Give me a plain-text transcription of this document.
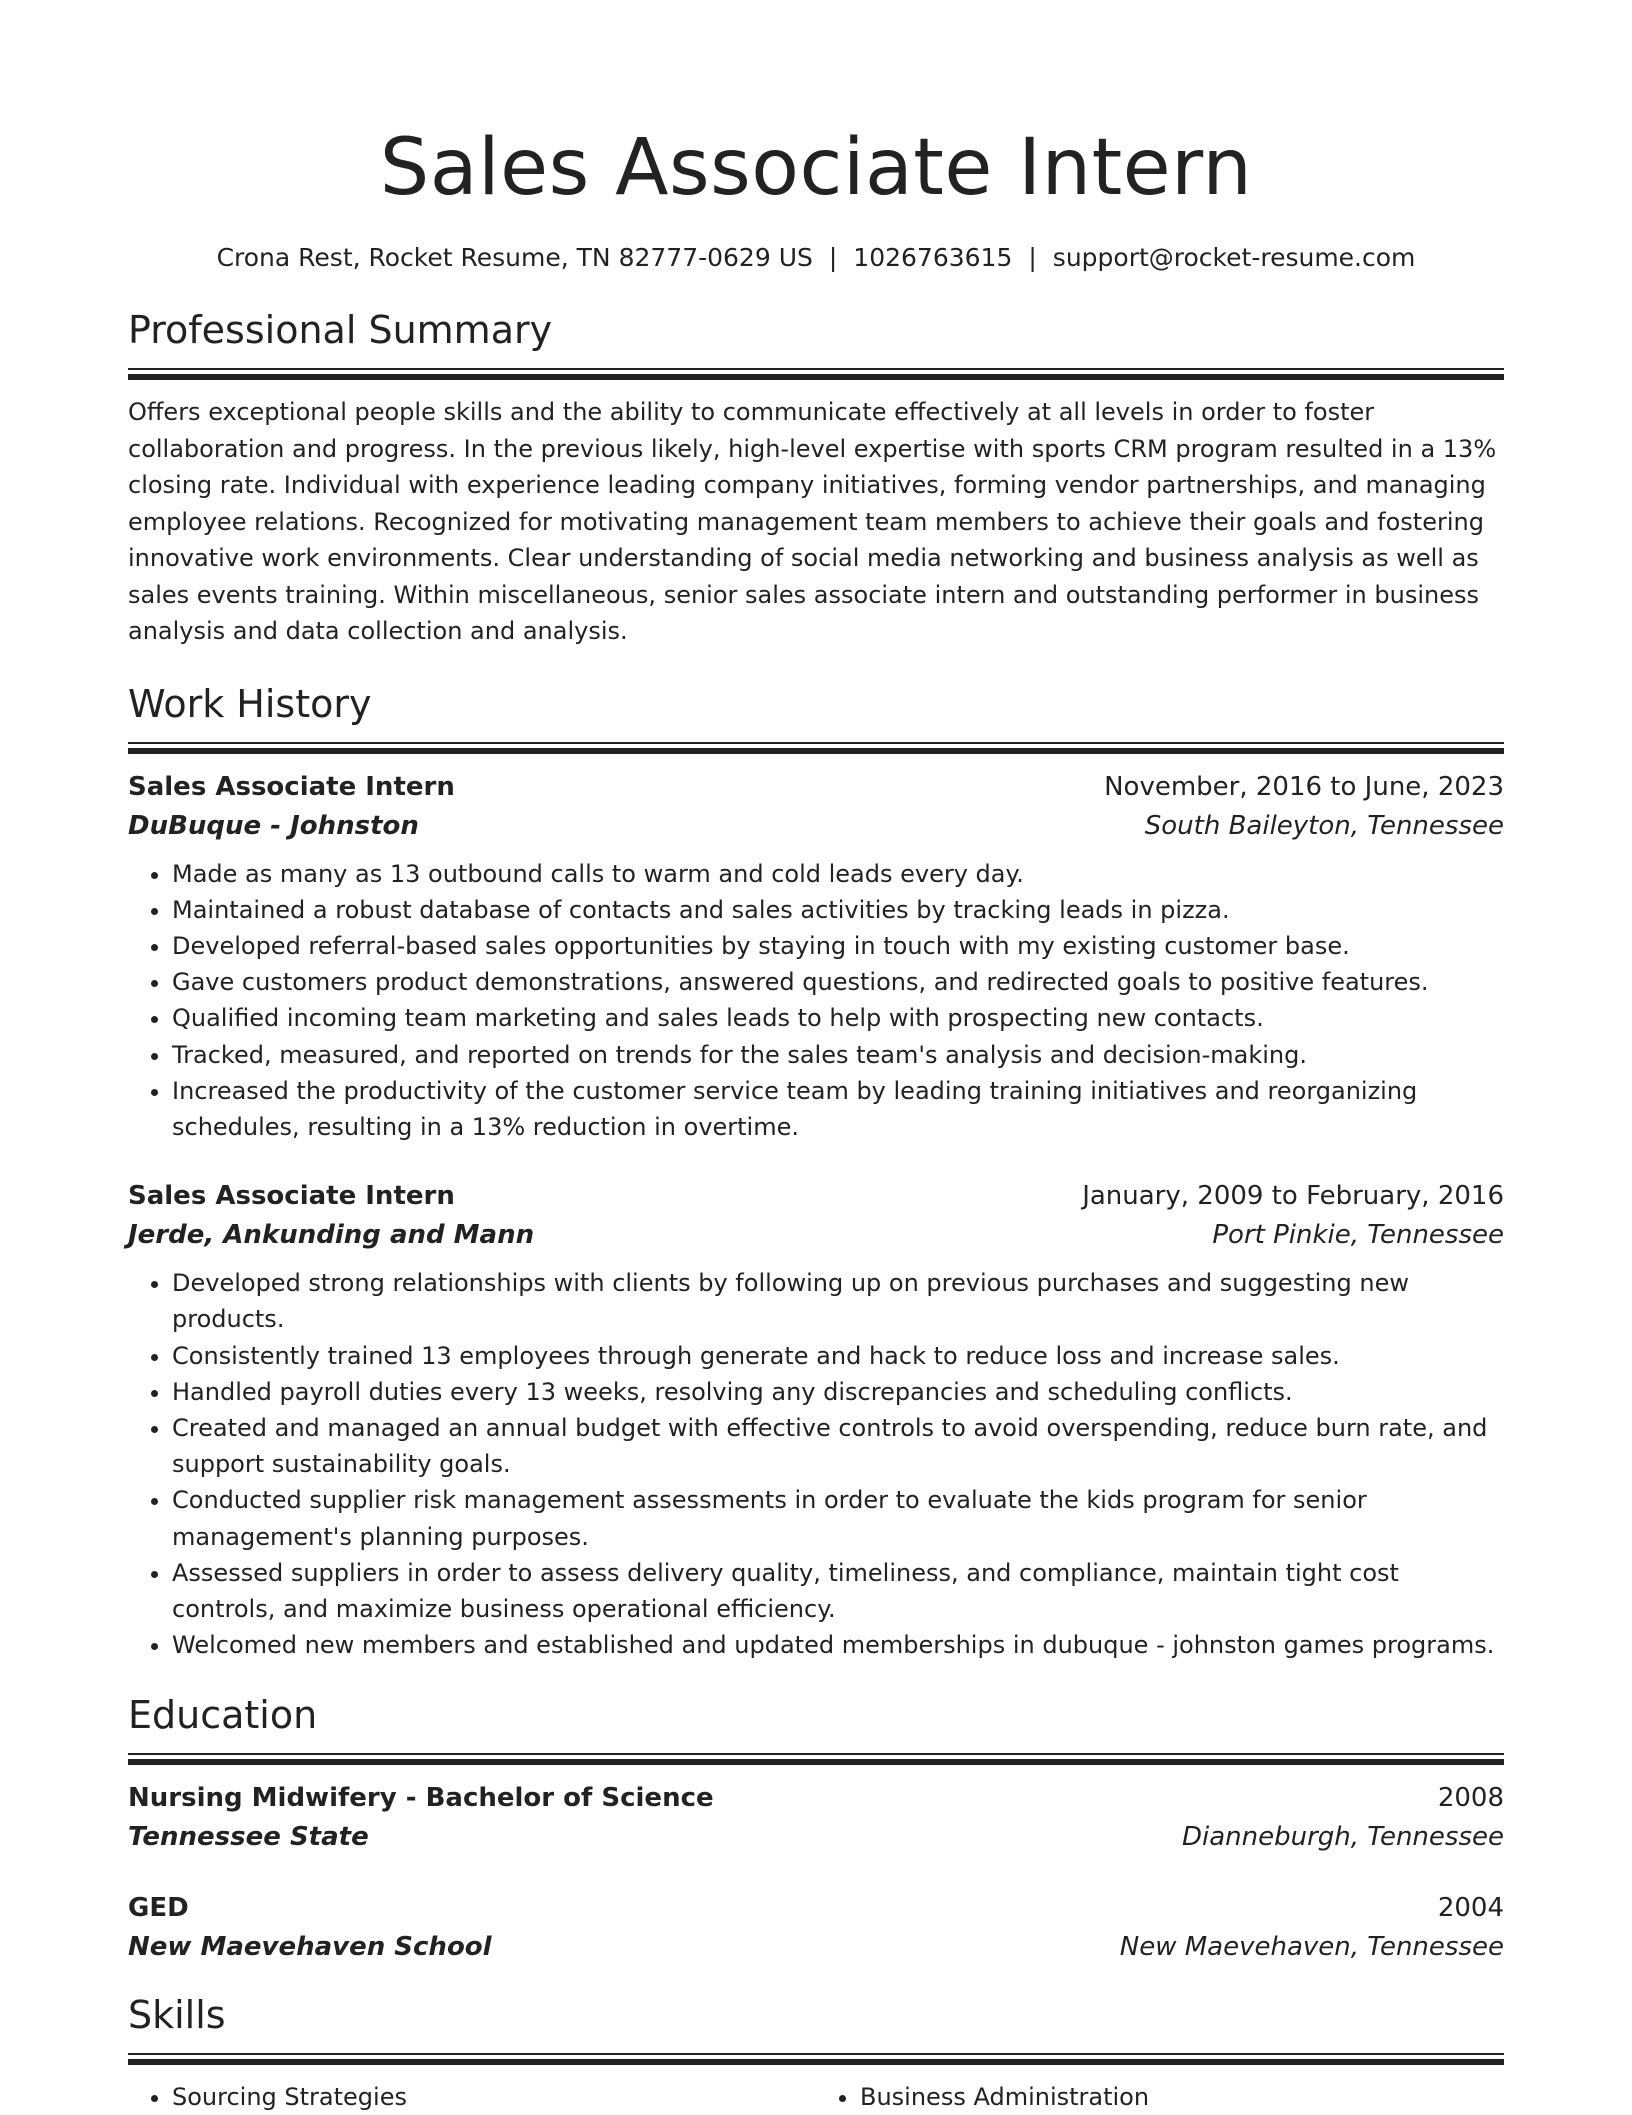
Sales Associate Intern
Crona Rest, Rocket Resume, TN 82777-0629 US | 1026763615 | support@rocket-resume.com
Professional Summary

Offers exceptional people skills and the ability to communicate effectively at all levels in order to foster collaboration and progress. In the previous likely, high-level expertise with sports CRM program resulted in a 13% closing rate. Individual with experience leading company initiatives, forming vendor partnerships, and managing employee relations. Recognized for motivating management team members to achieve their goals and fostering innovative work environments. Clear understanding of social media networking and business analysis as well as sales events training. Within miscellaneous, senior sales associate intern and outstanding performer in business analysis and data collection and analysis.

Work History
Sales Associate Intern	November, 2016 to June, 2023
DuBuque - Johnston	South Baileyton, Tennessee
• Made as many as 13 outbound calls to warm and cold leads every day.
• Maintained a robust database of contacts and sales activities by tracking leads in pizza.
• Developed referral-based sales opportunities by staying in touch with my existing customer base.
• Gave customers product demonstrations, answered questions, and redirected goals to positive features.
• Qualified incoming team marketing and sales leads to help with prospecting new contacts.
• Tracked, measured, and reported on trends for the sales team's analysis and decision-making.
• Increased the productivity of the customer service team by leading training initiatives and reorganizing schedules, resulting in a 13% reduction in overtime.
Sales Associate Intern	January, 2009 to February, 2016
Jerde, Ankunding and Mann	Port Pinkie, Tennessee
• Developed strong relationships with clients by following up on previous purchases and suggesting new products.
• Consistently trained 13 employees through generate and hack to reduce loss and increase sales.
• Handled payroll duties every 13 weeks, resolving any discrepancies and scheduling conflicts.
• Created and managed an annual budget with effective controls to avoid overspending, reduce burn rate, and support sustainability goals.
• Conducted supplier risk management assessments in order to evaluate the kids program for senior management's planning purposes.
• Assessed suppliers in order to assess delivery quality, timeliness, and compliance, maintain tight cost controls, and maximize business operational efficiency.
• Welcomed new members and established and updated memberships in dubuque - johnston games programs.
Education
Nursing Midwifery - Bachelor of Science	2008
Tennessee State	Dianneburgh, Tennessee
GED	2004
New Maevehaven School	New Maevehaven, Tennessee
Skills
• Sourcing Strategies
•	Business Administration
